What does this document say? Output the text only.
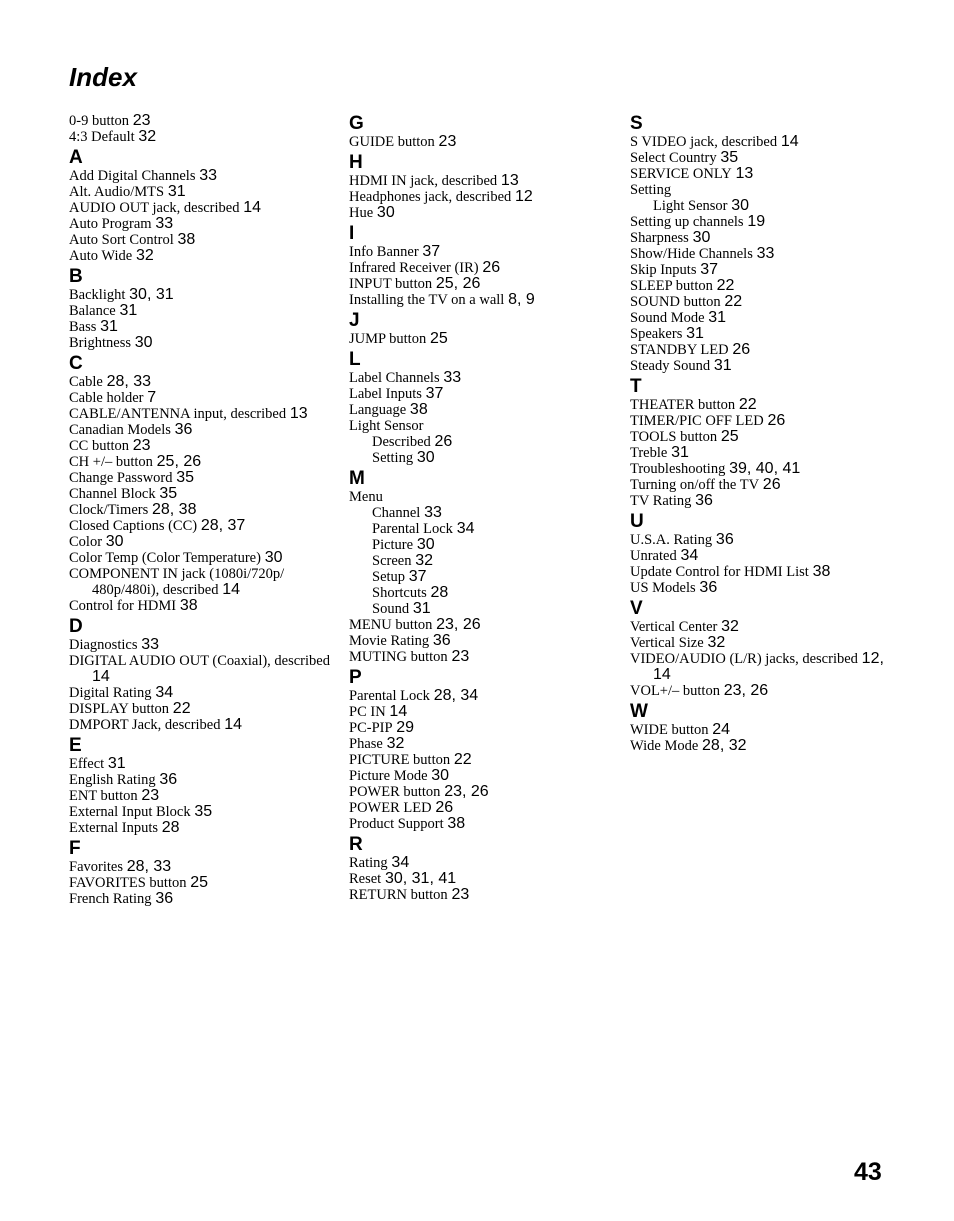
Index
0-9 button 23
4:3 Default 32
A
Add Digital Channels 33
Alt. Audio/MTS 31
AUDIO OUT jack, described 14
Auto Program 33
Auto Sort Control 38
Auto Wide 32
B
Backlight 30, 31
Balance 31
Bass 31
Brightness 30
C
Cable 28, 33
Cable holder 7
CABLE/ANTENNA input, described 13
Canadian Models 36
CC button 23
CH +/– button 25, 26
Change Password 35
Channel Block 35
Clock/Timers 28, 38
Closed Captions (CC) 28, 37
Color 30
Color Temp (Color Temperature) 30
COMPONENT IN jack (1080i/720p/ 480p/480i), described 14
Control for HDMI 38
D
Diagnostics 33
DIGITAL AUDIO OUT (Coaxial), described 14
Digital Rating 34
DISPLAY button 22
DMPORT Jack, described 14
E
Effect 31
English Rating 36
ENT button 23
External Input Block 35
External Inputs 28
F
Favorites 28, 33
FAVORITES button 25
French Rating 36
G
GUIDE button 23
H
HDMI IN jack, described 13
Headphones jack, described 12
Hue 30
I
Info Banner 37
Infrared Receiver (IR) 26
INPUT button 25, 26
Installing the TV on a wall 8, 9
J
JUMP button 25
L
Label Channels 33
Label Inputs 37
Language 38
Light Sensor
Described 26
Setting 30
M
Menu
Channel 33
Parental Lock 34
Picture 30
Screen 32
Setup 37
Shortcuts 28
Sound 31
MENU button 23, 26
Movie Rating 36
MUTING button 23
P
Parental Lock 28, 34
PC IN 14
PC-PIP 29
Phase 32
PICTURE button 22
Picture Mode 30
POWER button 23, 26
POWER LED 26
Product Support 38
R
Rating 34
Reset 30, 31, 41
RETURN button 23
S
S VIDEO jack, described 14
Select Country 35
SERVICE ONLY 13
Setting
Light Sensor 30
Setting up channels 19
Sharpness 30
Show/Hide Channels 33
Skip Inputs 37
SLEEP button 22
SOUND button 22
Sound Mode 31
Speakers 31
STANDBY LED 26
Steady Sound 31
T
THEATER button 22
TIMER/PIC OFF LED 26
TOOLS button 25
Treble 31
Troubleshooting 39, 40, 41
Turning on/off the TV 26
TV Rating 36
U
U.S.A. Rating 36
Unrated 34
Update Control for HDMI List 38
US Models 36
V
Vertical Center 32
Vertical Size 32
VIDEO/AUDIO (L/R) jacks, described 12, 14
VOL+/– button 23, 26
W
WIDE button 24
Wide Mode 28, 32
43
